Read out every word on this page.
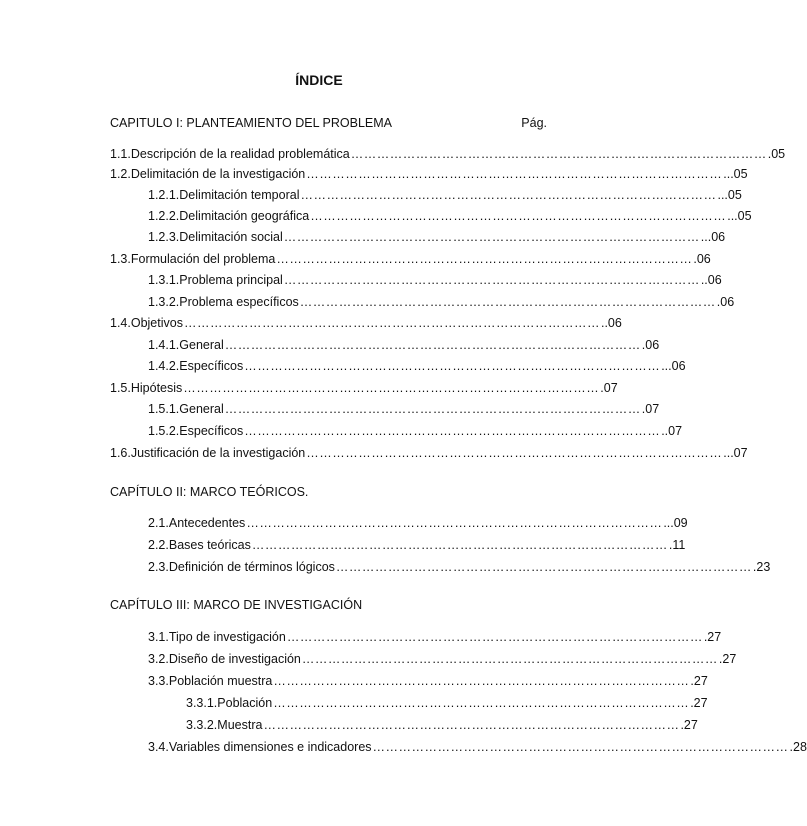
ÍNDICE
CAPITULO I: PLANTEAMIENTO DEL PROBLEMA	Pág.
1.1. Descripción de la realidad problemática …………………………………………………………………………………… .05
1.2. Delimitación de la investigación …………………………………………………………………………………… ...05
1.2.1. Delimitación temporal …………………………………………………………………………………… ...05
1.2.2. Delimitación geográfica …………………………………………………………………………………… ...05
1.2.3. Delimitación social …………………………………………………………………………………… ...06
1.3. Formulación del problema …………………………………………………………………………………… .06
1.3.1. Problema principal …………………………………………………………………………………… ..06
1.3.2. Problema específicos …………………………………………………………………………………… .06
1.4. Objetivos …………………………………………………………………………………… ..06
1.4.1. General …………………………………………………………………………………… .06
1.4.2. Específicos …………………………………………………………………………………… ...06
1.5. Hipótesis …………………………………………………………………………………… .07
1.5.1. General …………………………………………………………………………………… .07
1.5.2. Específicos …………………………………………………………………………………… ..07
1.6. Justificación de la investigación …………………………………………………………………………………… ...07
CAPÍTULO II: MARCO TEÓRICOS.
2.1. Antecedentes …………………………………………………………………………………… ...09
2.2. Bases teóricas …………………………………………………………………………………… .11
2.3. Definición de términos lógicos …………………………………………………………………………………… .23
CAPÍTULO III: MARCO DE INVESTIGACIÓN
3.1. Tipo de investigación …………………………………………………………………………………… .27
3.2. Diseño de investigación …………………………………………………………………………………… .27
3.3. Población muestra …………………………………………………………………………………… .27
3.3.1. Población …………………………………………………………………………………… .27
3.3.2. Muestra …………………………………………………………………………………… .27
3.4. Variables dimensiones e indicadores …………………………………………………………………………………… .28
